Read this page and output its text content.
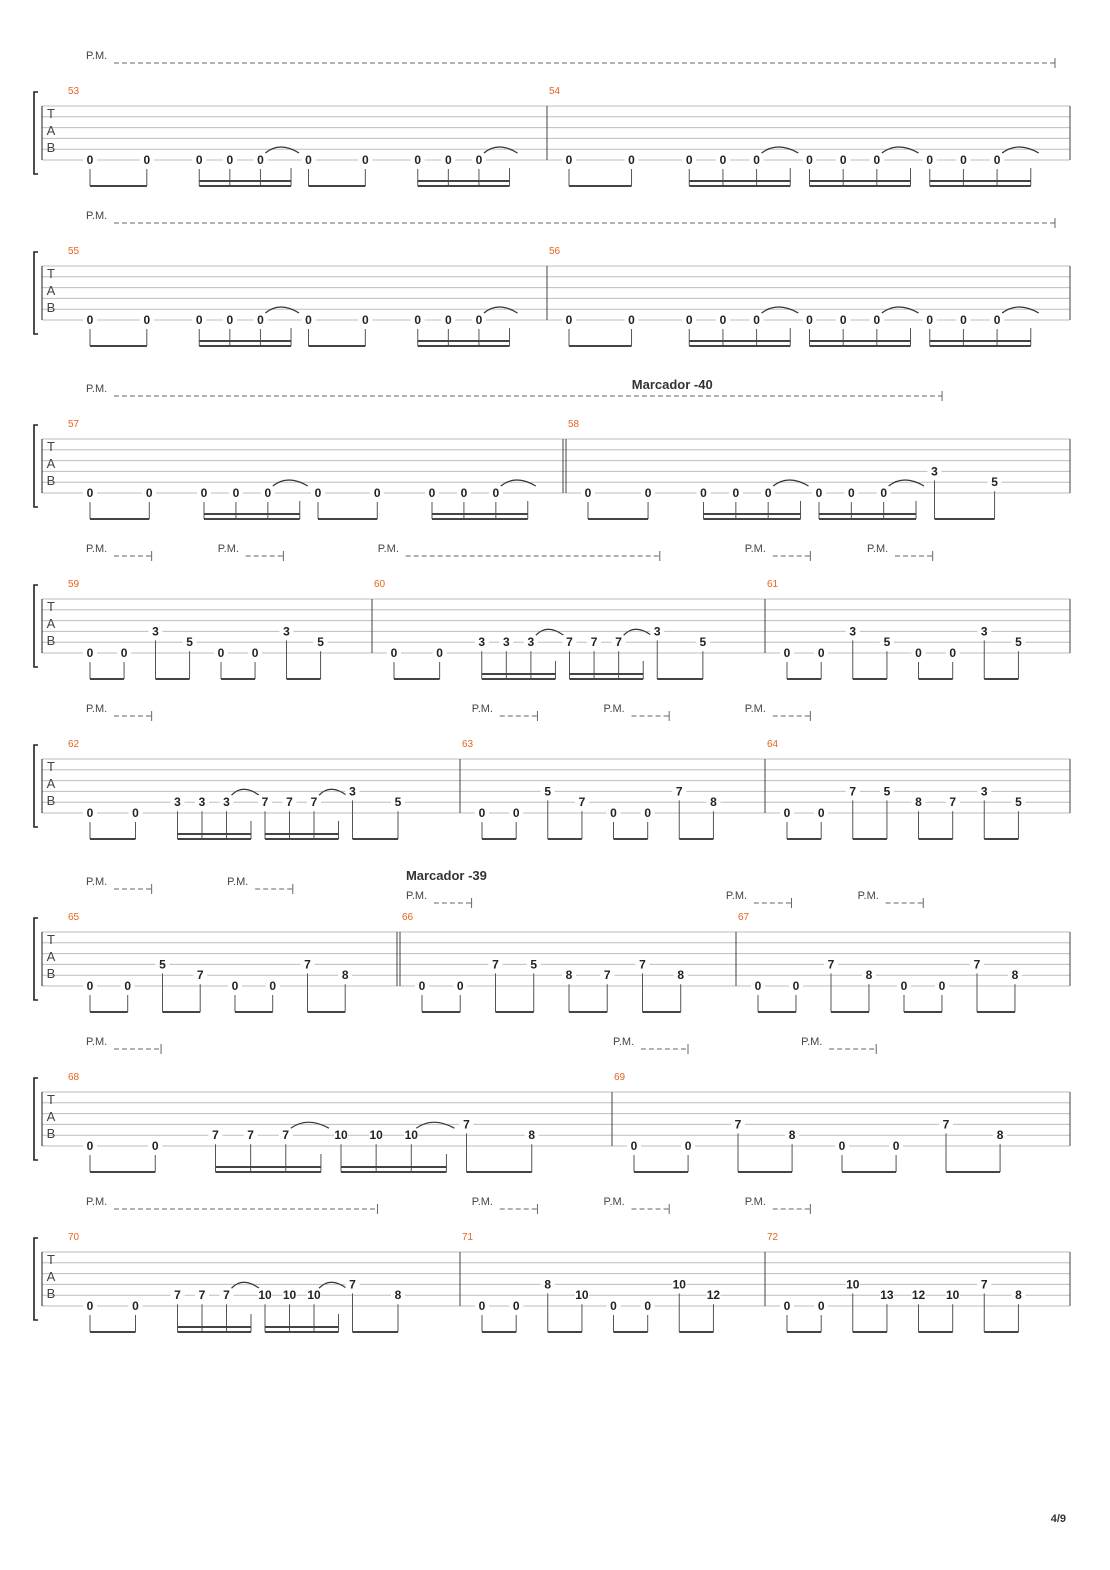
T
A
B
53
0	0	0 0 0	0	0	0 0 0
54
0	0	0 0 0	0 0 0	0 0 0
P.M.
T
A
B
55
0	0	0 0 0	0	0	0 0 0
56
0	0	0 0 0	0 0 0	0 0 0
P.M.
T
A
B
57
0	0	0 0 0	0	0	0 0 0
58
0	0	0 0 0	0 0 0
3
5
P.M.	Marcador -40
T
A
B
59
0 0
3
5
0 0
3
5
60
0	0
3 3 3	7 7 7
3
5
61
0 0
3
5
0 0
3
5
P.M.	P.M.	P.M.	P.M.	P.M.
T
A
B
62
0	0
3 3 3	7 7 7
3
5
63
0 0
5
7
0 0
7
8
64
0 0
7 5
8 7
3
5
P.M.	P.M.	P.M.	P.M.
T
A
B
65
0	0
5
7
0	0
7
8
66
0	0
7	5
8	7
7
8
67
0	0
7
8
0	0
7
8
P.M.	P.M.
P.M.	P.M.	P.M.
Marcador -39
T
A
B
68
0	0
7 7 7	10 10 10
7
8
69
0	0
7
8
0	0
7
8
P.M.	P.M.	P.M.
T
A
B
70
0	0
7 7 7 10 10 10
7
8
71
0 0
8
10
0 0
10
12
72
0 0
10
13 12 10
7
8
P.M.	P.M.	P.M.	P.M.
4/9
